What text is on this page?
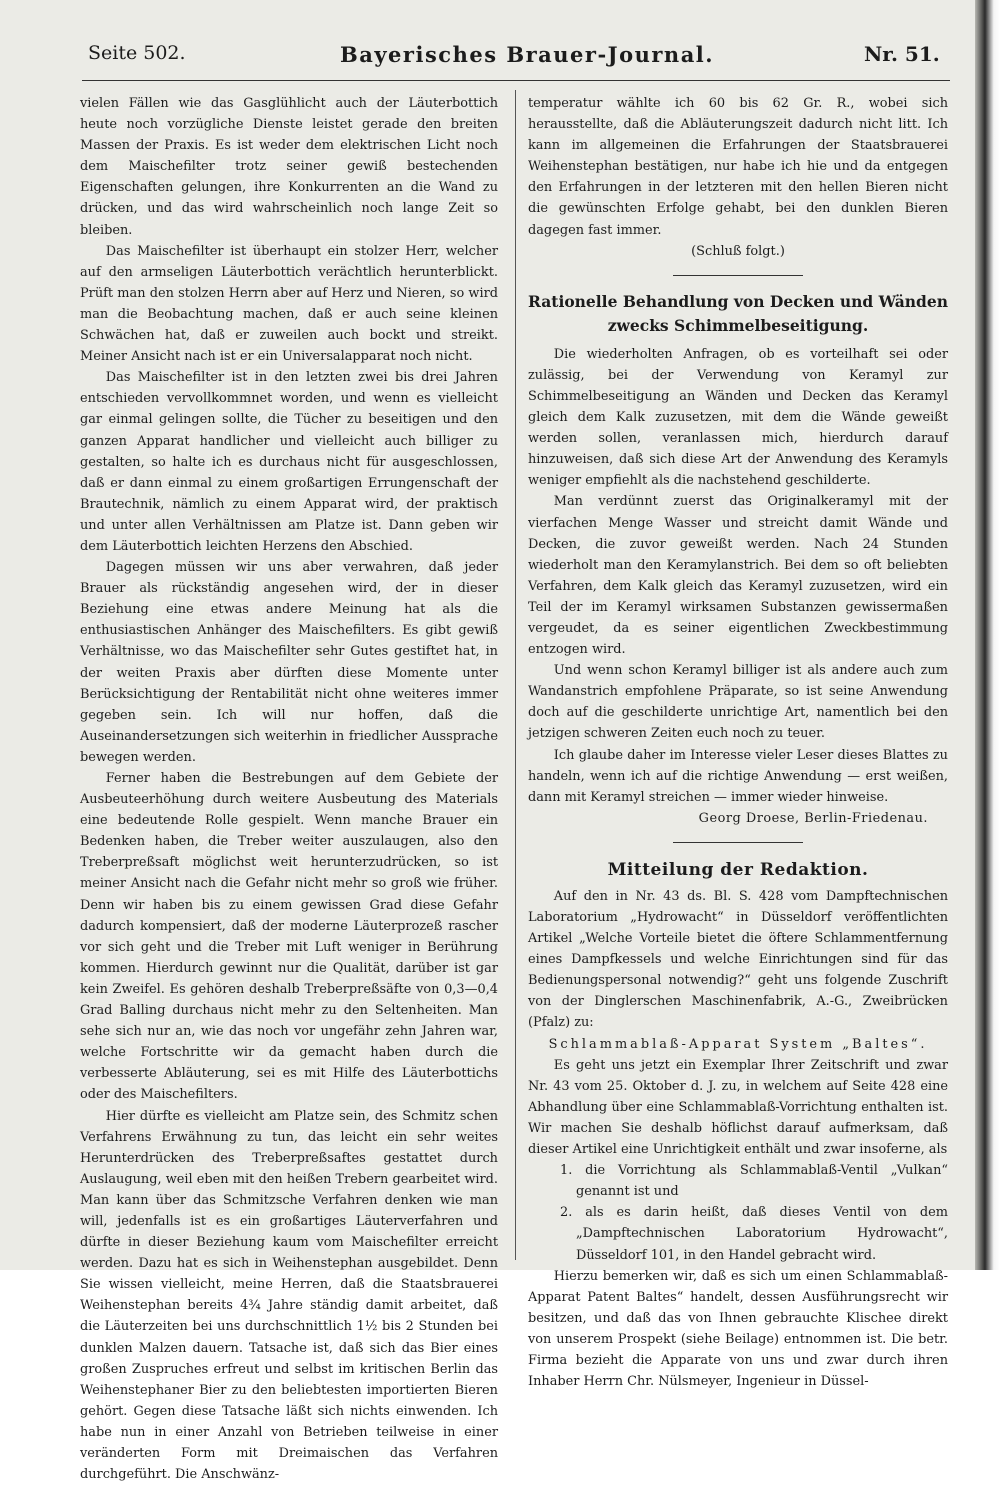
Seite 502.	Bayerisches Brauer-Journal.	Nr. 51.

vielen Fällen wie das Gasglühlicht auch der Läuterbottich heute noch vorzügliche Dienste leistet gerade den breiten Massen der Praxis. Es ist weder dem elektrischen Licht noch dem Maischefilter trotz seiner gewiß bestechenden Eigenschaften gelungen, ihre Konkurrenten an die Wand zu drücken, und das wird wahrscheinlich noch lange Zeit so bleiben.

Das Maischefilter ist überhaupt ein stolzer Herr, welcher auf den armseligen Läuterbottich verächtlich herunterblickt. Prüft man den stolzen Herrn aber auf Herz und Nieren, so wird man die Beobachtung machen, daß er auch seine kleinen Schwächen hat, daß er zuweilen auch bockt und streikt. Meiner Ansicht nach ist er ein Universalapparat noch nicht.

Das Maischefilter ist in den letzten zwei bis drei Jahren entschieden vervollkommnet worden, und wenn es vielleicht gar einmal gelingen sollte, die Tücher zu beseitigen und den ganzen Apparat handlicher und vielleicht auch billiger zu gestalten, so halte ich es durchaus nicht für ausgeschlossen, daß er dann einmal zu einem großartigen Errungenschaft der Brautechnik, nämlich zu einem Apparat wird, der praktisch und unter allen Verhältnissen am Platze ist. Dann geben wir dem Läuterbottich leichten Herzens den Abschied.

Dagegen müssen wir uns aber verwahren, daß jeder Brauer als rückständig angesehen wird, der in dieser Beziehung eine etwas andere Meinung hat als die enthusiastischen Anhänger des Maischefilters. Es gibt gewiß Verhältnisse, wo das Maischefilter sehr Gutes gestiftet hat, in der weiten Praxis aber dürften diese Momente unter Berücksichtigung der Rentabilität nicht ohne weiteres immer gegeben sein. Ich will nur hoffen, daß die Auseinandersetzungen sich weiterhin in friedlicher Aussprache bewegen werden.

Ferner haben die Bestrebungen auf dem Gebiete der Ausbeuteerhöhung durch weitere Ausbeutung des Materials eine bedeutende Rolle gespielt. Wenn manche Brauer ein Bedenken haben, die Treber weiter auszulaugen, also den Treberpreßsaft möglichst weit herunterzudrücken, so ist meiner Ansicht nach die Gefahr nicht mehr so groß wie früher. Denn wir haben bis zu einem gewissen Grad diese Gefahr dadurch kompensiert, daß der moderne Läuterprozeß rascher vor sich geht und die Treber mit Luft weniger in Berührung kommen. Hierdurch gewinnt nur die Qualität, darüber ist gar kein Zweifel. Es gehören deshalb Treberpreßsäfte von 0,3—0,4 Grad Balling durchaus nicht mehr zu den Seltenheiten. Man sehe sich nur an, wie das noch vor ungefähr zehn Jahren war, welche Fortschritte wir da gemacht haben durch die verbesserte Abläuterung, sei es mit Hilfe des Läuterbottichs oder des Maischefilters.

Hier dürfte es vielleicht am Platze sein, des Schmitz schen Verfahrens Erwähnung zu tun, das leicht ein sehr weites Herunterdrücken des Treberpreßsaftes gestattet durch Auslaugung, weil eben mit den heißen Trebern gearbeitet wird. Man kann über das Schmitzsche Verfahren denken wie man will, jedenfalls ist es ein großartiges Läuterverfahren und dürfte in dieser Beziehung kaum vom Maischefilter erreicht werden. Dazu hat es sich in Weihenstephan ausgebildet. Denn Sie wissen vielleicht, meine Herren, daß die Staatsbrauerei Weihenstephan bereits 4¾ Jahre ständig damit arbeitet, daß die Läuterzeiten bei uns durchschnittlich 1½ bis 2 Stunden bei dunklen Malzen dauern. Tatsache ist, daß sich das Bier eines großen Zuspruches erfreut und selbst im kritischen Berlin das Weihenstephaner Bier zu den beliebtesten importierten Bieren gehört. Gegen diese Tatsache läßt sich nichts einwenden. Ich habe nun in einer Anzahl von Betrieben teilweise in einer veränderten Form mit Dreimaischen das Verfahren durchgeführt. Die Anschwänz-

temperatur wählte ich 60 bis 62 Gr. R., wobei sich herausstellte, daß die Abläuterungszeit dadurch nicht litt. Ich kann im allgemeinen die Erfahrungen der Staatsbrauerei Weihenstephan bestätigen, nur habe ich hie und da entgegen den Erfahrungen in der letzteren mit den hellen Bieren nicht die gewünschten Erfolge gehabt, bei den dunklen Bieren dagegen fast immer.

(Schluß folgt.)

Rationelle Behandlung von Decken und Wänden zwecks Schimmelbeseitigung.

Die wiederholten Anfragen, ob es vorteilhaft sei oder zulässig, bei der Verwendung von Keramyl zur Schimmelbeseitigung an Wänden und Decken das Keramyl gleich dem Kalk zuzusetzen, mit dem die Wände geweißt werden sollen, veranlassen mich, hierdurch darauf hinzuweisen, daß sich diese Art der Anwendung des Keramyls weniger empfiehlt als die nachstehend geschilderte.

Man verdünnt zuerst das Originalkeramyl mit der vierfachen Menge Wasser und streicht damit Wände und Decken, die zuvor geweißt werden. Nach 24 Stunden wiederholt man den Keramylanstrich. Bei dem so oft beliebten Verfahren, dem Kalk gleich das Keramyl zuzusetzen, wird ein Teil der im Keramyl wirksamen Substanzen gewissermaßen vergeudet, da es seiner eigentlichen Zweckbestimmung entzogen wird.

Und wenn schon Keramyl billiger ist als andere auch zum Wandanstrich empfohlene Präparate, so ist seine Anwendung doch auf die geschilderte unrichtige Art, namentlich bei den jetzigen schweren Zeiten euch noch zu teuer.

Ich glaube daher im Interesse vieler Leser dieses Blattes zu handeln, wenn ich auf die richtige Anwendung — erst weißen, dann mit Keramyl streichen — immer wieder hinweise.

Georg Droese, Berlin-Friedenau.

Mitteilung der Redaktion.

Auf den in Nr. 43 ds. Bl. S. 428 vom Dampftechnischen Laboratorium „Hydrowacht“ in Düsseldorf veröffentlichten Artikel „Welche Vorteile bietet die öftere Schlammentfernung eines Dampfkessels und welche Einrichtungen sind für das Bedienungspersonal notwendig?“ geht uns folgende Zuschrift von der Dinglerschen Maschinenfabrik, A.-G., Zweibrücken (Pfalz) zu:

Schlammablaß-Apparat System „Baltes“.

Es geht uns jetzt ein Exemplar Ihrer Zeitschrift und zwar Nr. 43 vom 25. Oktober d. J. zu, in welchem auf Seite 428 eine Abhandlung über eine Schlammablaß-Vorrichtung enthalten ist. Wir machen Sie deshalb höflichst darauf aufmerksam, daß dieser Artikel eine Unrichtigkeit enthält und zwar insoferne, als

1. die Vorrichtung als Schlammablaß-Ventil „Vulkan“ genannt ist und

2. als es darin heißt, daß dieses Ventil von dem „Dampftechnischen Laboratorium Hydrowacht“, Düsseldorf 101, in den Handel gebracht wird.

Hierzu bemerken wir, daß es sich um einen Schlammablaß-Apparat Patent Baltes“ handelt, dessen Ausführungsrecht wir besitzen, und daß das von Ihnen gebrauchte Klischee direkt von unserem Prospekt (siehe Beilage) entnommen ist. Die betr. Firma bezieht die Apparate von uns und zwar durch ihren Inhaber Herrn Chr. Nülsmeyer, Ingenieur in Düssel-
